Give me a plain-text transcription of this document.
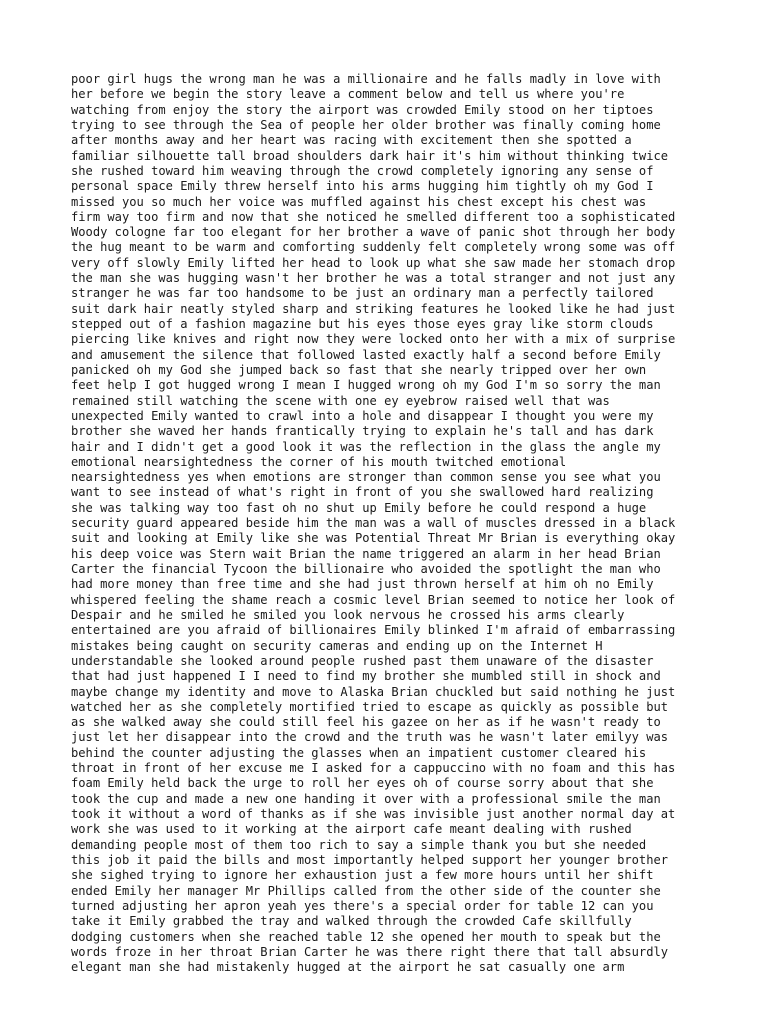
poor girl hugs the wrong man he was a millionaire and he falls madly in love with
her before we begin the story leave a comment below and tell us where you're
watching from enjoy the story the airport was crowded Emily stood on her tiptoes
trying to see through the Sea of people her older brother was finally coming home
after months away and her heart was racing with excitement then she spotted a
familiar silhouette tall broad shoulders dark hair it's him without thinking twice
she rushed toward him weaving through the crowd completely ignoring any sense of
personal space Emily threw herself into his arms hugging him tightly oh my God I
missed you so much her voice was muffled against his chest except his chest was
firm way too firm and now that she noticed he smelled different too a sophisticated
Woody cologne far too elegant for her brother a wave of panic shot through her body
the hug meant to be warm and comforting suddenly felt completely wrong some was off
very off slowly Emily lifted her head to look up what she saw made her stomach drop
the man she was hugging wasn't her brother he was a total stranger and not just any
stranger he was far too handsome to be just an ordinary man a perfectly tailored
suit dark hair neatly styled sharp and striking features he looked like he had just
stepped out of a fashion magazine but his eyes those eyes gray like storm clouds
piercing like knives and right now they were locked onto her with a mix of surprise
and amusement the silence that followed lasted exactly half a second before Emily
panicked oh my God she jumped back so fast that she nearly tripped over her own
feet help I got hugged wrong I mean I hugged wrong oh my God I'm so sorry the man
remained still watching the scene with one ey eyebrow raised well that was
unexpected Emily wanted to crawl into a hole and disappear I thought you were my
brother she waved her hands frantically trying to explain he's tall and has dark
hair and I didn't get a good look it was the reflection in the glass the angle my
emotional nearsightedness the corner of his mouth twitched emotional
nearsightedness yes when emotions are stronger than common sense you see what you
want to see instead of what's right in front of you she swallowed hard realizing
she was talking way too fast oh no shut up Emily before he could respond a huge
security guard appeared beside him the man was a wall of muscles dressed in a black
suit and looking at Emily like she was Potential Threat Mr Brian is everything okay
his deep voice was Stern wait Brian the name triggered an alarm in her head Brian
Carter the financial Tycoon the billionaire who avoided the spotlight the man who
had more money than free time and she had just thrown herself at him oh no Emily
whispered feeling the shame reach a cosmic level Brian seemed to notice her look of
Despair and he smiled he smiled you look nervous he crossed his arms clearly
entertained are you afraid of billionaires Emily blinked I'm afraid of embarrassing
mistakes being caught on security cameras and ending up on the Internet H
understandable she looked around people rushed past them unaware of the disaster
that had just happened I I need to find my brother she mumbled still in shock and
maybe change my identity and move to Alaska Brian chuckled but said nothing he just
watched her as she completely mortified tried to escape as quickly as possible but
as she walked away she could still feel his gazee on her as if he wasn't ready to
just let her disappear into the crowd and the truth was he wasn't later emilyy was
behind the counter adjusting the glasses when an impatient customer cleared his
throat in front of her excuse me I asked for a cappuccino with no foam and this has
foam Emily held back the urge to roll her eyes oh of course sorry about that she
took the cup and made a new one handing it over with a professional smile the man
took it without a word of thanks as if she was invisible just another normal day at
work she was used to it working at the airport cafe meant dealing with rushed
demanding people most of them too rich to say a simple thank you but she needed
this job it paid the bills and most importantly helped support her younger brother
she sighed trying to ignore her exhaustion just a few more hours until her shift
ended Emily her manager Mr Phillips called from the other side of the counter she
turned adjusting her apron yeah yes there's a special order for table 12 can you
take it Emily grabbed the tray and walked through the crowded Cafe skillfully
dodging customers when she reached table 12 she opened her mouth to speak but the
words froze in her throat Brian Carter he was there right there that tall absurdly
elegant man she had mistakenly hugged at the airport he sat casually one arm
